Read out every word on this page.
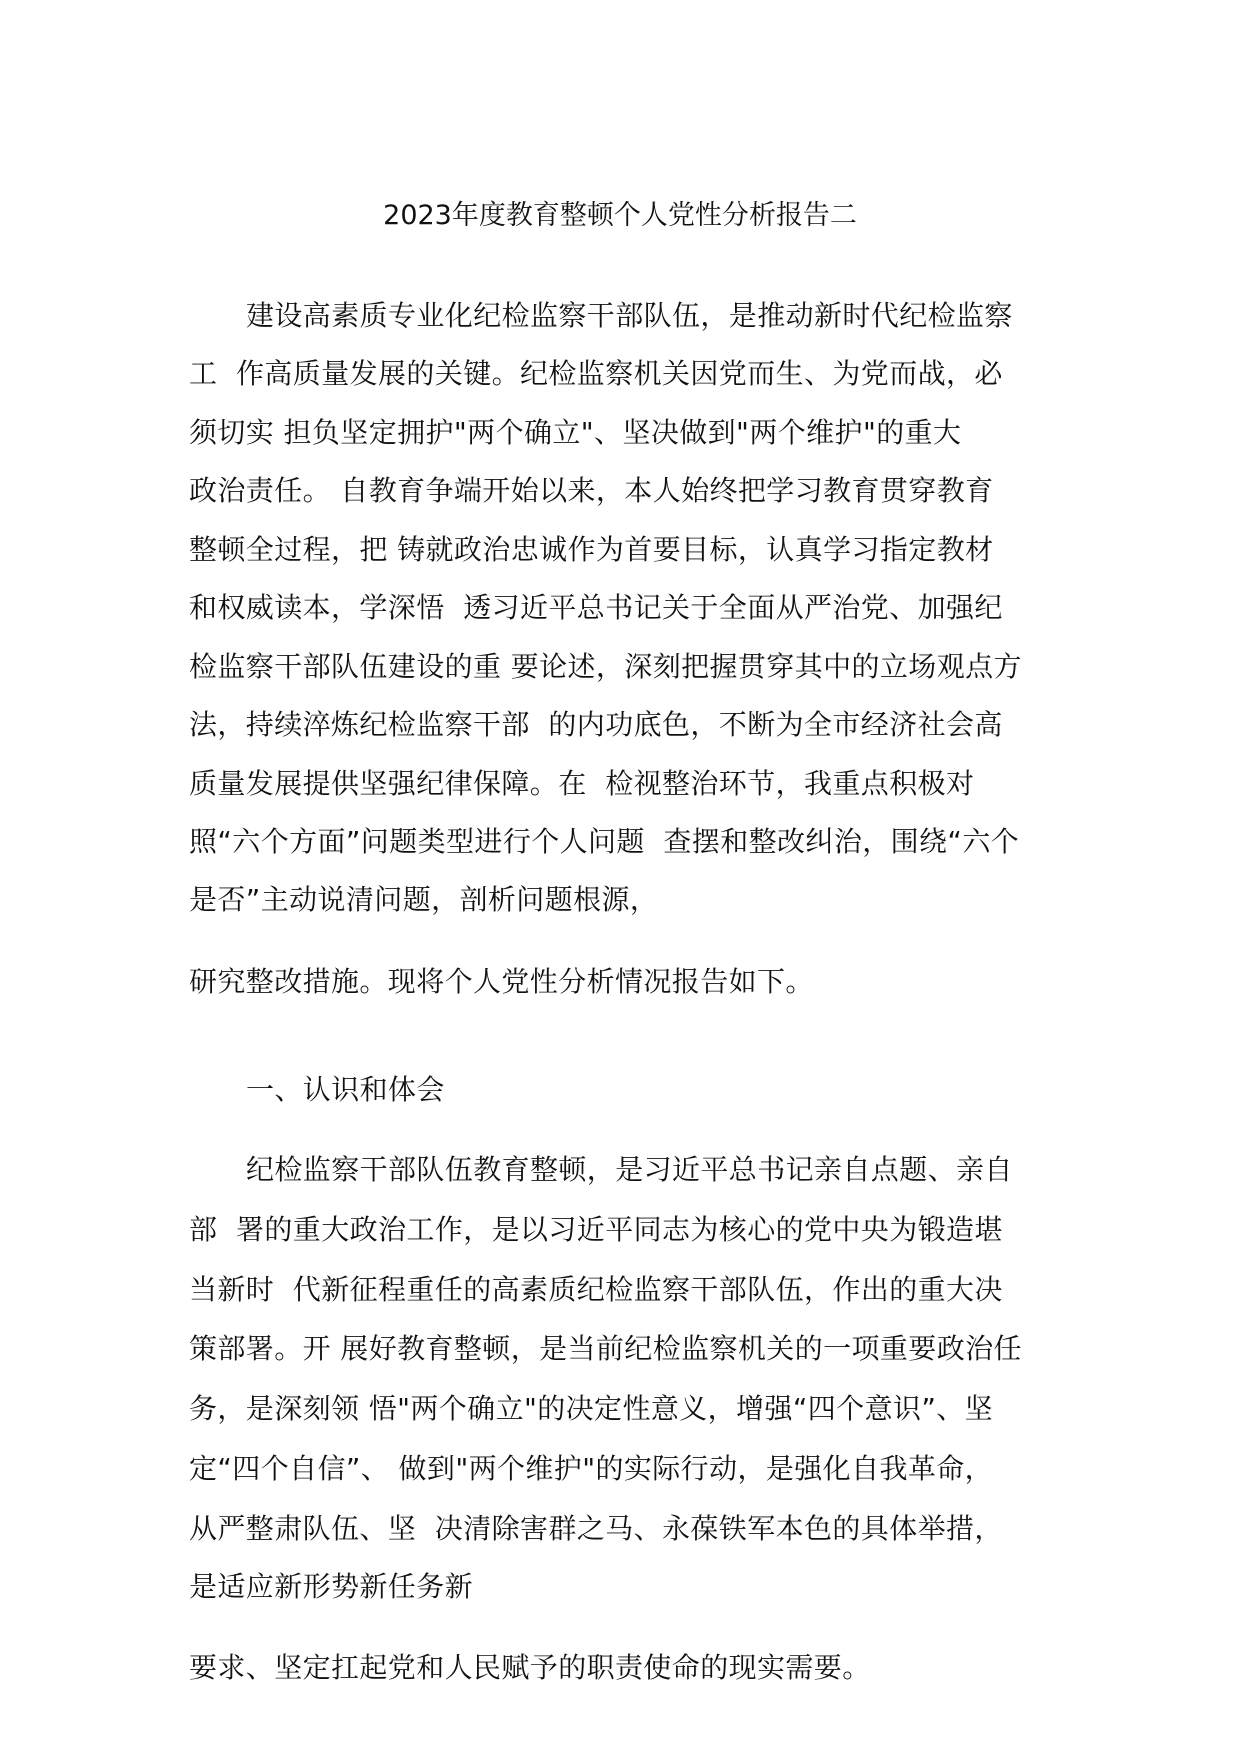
2023年度教育整顿个人党性分析报告二
建设高素质专业化纪检监察干部队伍，是推动新时代纪检监察
工  作高质量发展的关键。纪检监察机关因党而生、为党而战，必
须切实 担负坚定拥护"两个确立"、坚决做到"两个维护"的重大
政治责任。 自教育争端开始以来，本人始终把学习教育贯穿教育
整顿全过程，把 铸就政治忠诚作为首要目标，认真学习指定教材
和权威读本，学深悟  透习近平总书记关于全面从严治党、加强纪
检监察干部队伍建设的重 要论述，深刻把握贯穿其中的立场观点方
法，持续淬炼纪检监察干部  的内功底色，不断为全市经济社会高
质量发展提供坚强纪律保障。在  检视整治环节，我重点积极对
照“六个方面”问题类型进行个人问题  查摆和整改纠治，围绕“六个
是否”主动说清问题，剖析问题根源，
研究整改措施。现将个人党性分析情况报告如下。
一、认识和体会
纪检监察干部队伍教育整顿，是习近平总书记亲自点题、亲自
部  署的重大政治工作，是以习近平同志为核心的党中央为锻造堪
当新时  代新征程重任的高素质纪检监察干部队伍，作出的重大决
策部署。开 展好教育整顿，是当前纪检监察机关的一项重要政治任
务，是深刻领 悟"两个确立"的决定性意义，增强“四个意识”、坚
定“四个自信”、 做到"两个维护"的实际行动，是强化自我革命，
从严整肃队伍、坚  决清除害群之马、永葆铁军本色的具体举措，
是适应新形势新任务新
要求、坚定扛起党和人民赋予的职责使命的现实需要。
